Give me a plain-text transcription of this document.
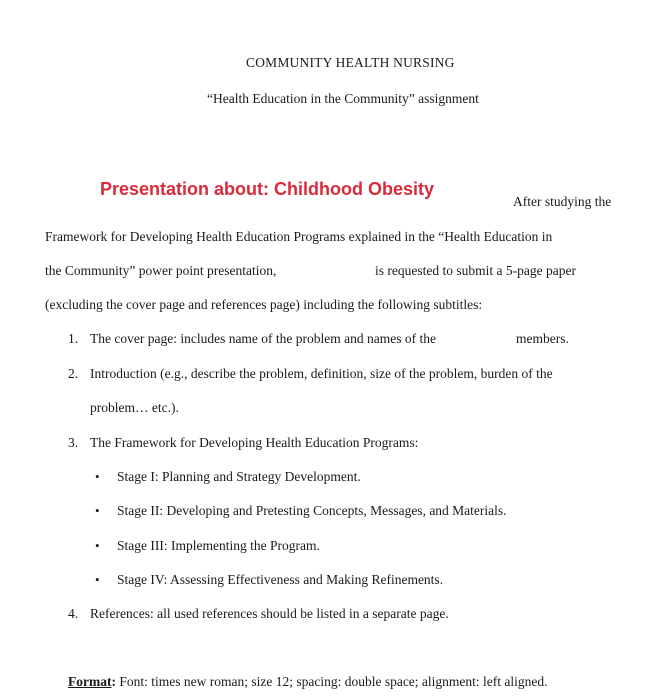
COMMUNITY HEALTH NURSING
“Health Education in the Community” assignment
Presentation about: Childhood Obesity
After studying the
Framework for Developing Health Education Programs explained in the “Health Education in
the Community” power point presentation,	is requested to submit a 5-page paper
(excluding the cover page and references page) including the following subtitles:
1. The cover page: includes name of the problem and names of the	members.
2. Introduction (e.g., describe the problem, definition, size of the problem, burden of the
problem… etc.).
3. The Framework for Developing Health Education Programs:
• Stage I: Planning and Strategy Development.
• Stage II: Developing and Pretesting Concepts, Messages, and Materials.
• Stage III: Implementing the Program.
• Stage IV: Assessing Effectiveness and Making Refinements.
4. References: all used references should be listed in a separate page.
Format: Font: times new roman; size 12; spacing: double space; alignment: left aligned.
